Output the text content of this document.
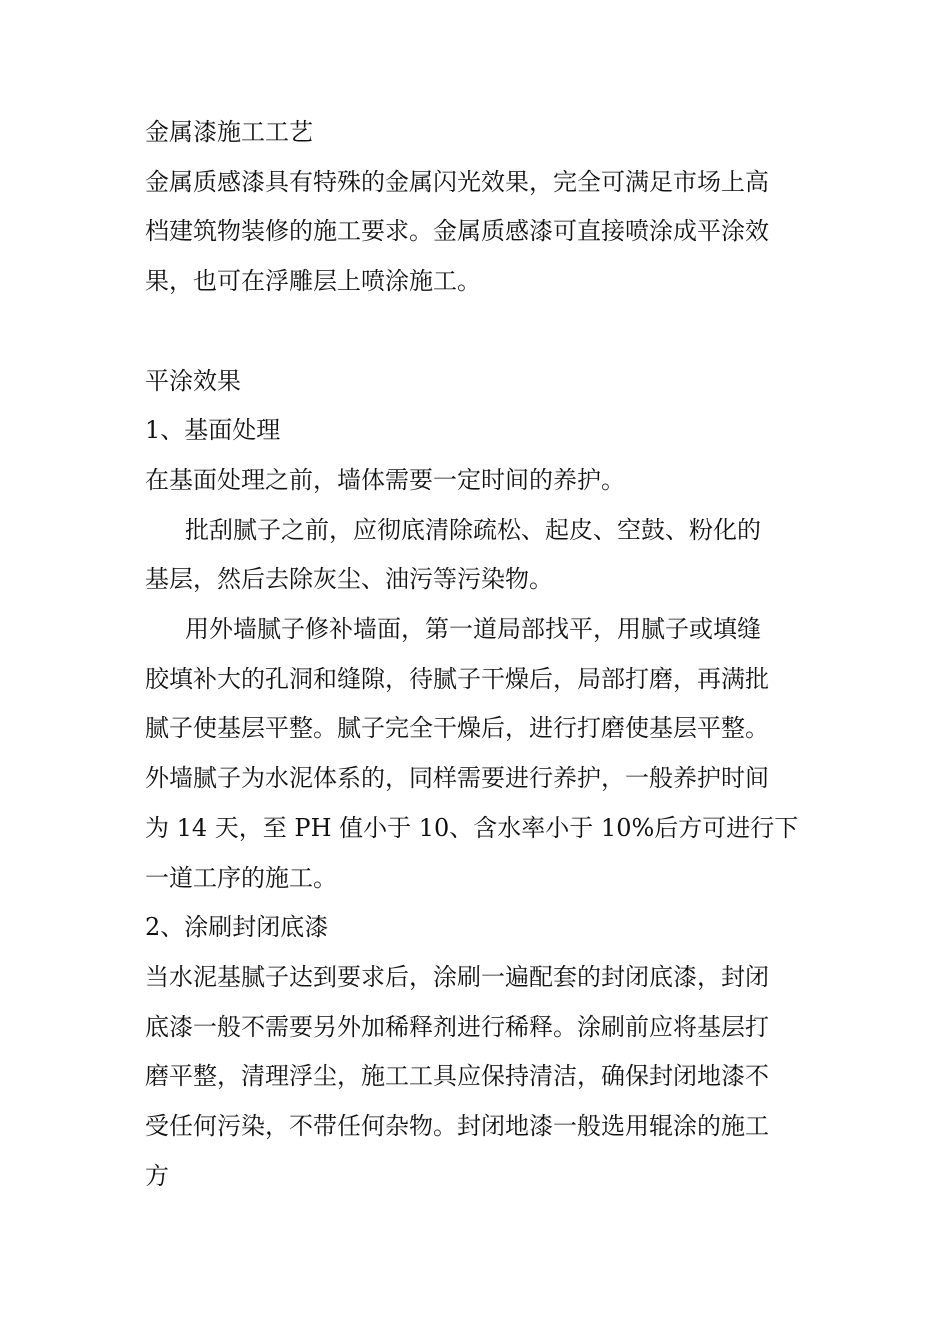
金属漆施工工艺

金属质感漆具有特殊的金属闪光效果，完全可满足市场上高

档建筑物装修的施工要求。金属质感漆可直接喷涂成平涂效

果，也可在浮雕层上喷涂施工。

平涂效果

1、基面处理

在基面处理之前，墙体需要一定时间的养护。

批刮腻子之前，应彻底清除疏松、起皮、空鼓、粉化的

基层，然后去除灰尘、油污等污染物。

用外墙腻子修补墙面，第一道局部找平，用腻子或填缝

胶填补大的孔洞和缝隙，待腻子干燥后，局部打磨，再满批

腻子使基层平整。腻子完全干燥后，进行打磨使基层平整。

外墙腻子为水泥体系的，同样需要进行养护，一般养护时间

为 14 天，至 PH 值小于 10、含水率小于 10%后方可进行下

一道工序的施工。

2、涂刷封闭底漆

当水泥基腻子达到要求后，涂刷一遍配套的封闭底漆，封闭

底漆一般不需要另外加稀释剂进行稀释。涂刷前应将基层打

磨平整，清理浮尘，施工工具应保持清洁，确保封闭地漆不

受任何污染，不带任何杂物。封闭地漆一般选用辊涂的施工

方
